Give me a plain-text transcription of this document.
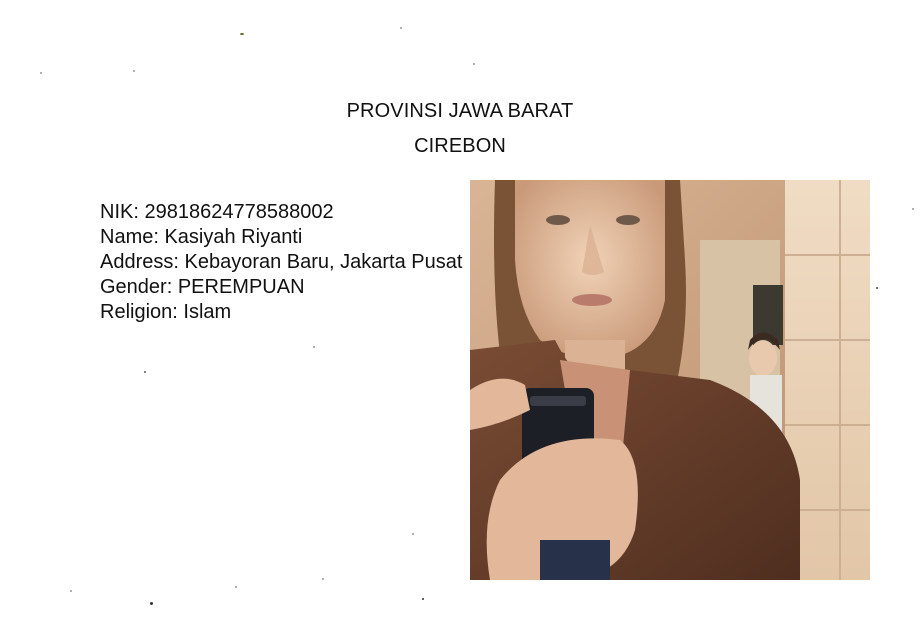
PROVINSI JAWA BARAT
CIREBON
NIK: 29818624778588002
Name: Kasiyah Riyanti
Address: Kebayoran Baru, Jakarta Pusat
Gender: PEREMPUAN
Religion: Islam
